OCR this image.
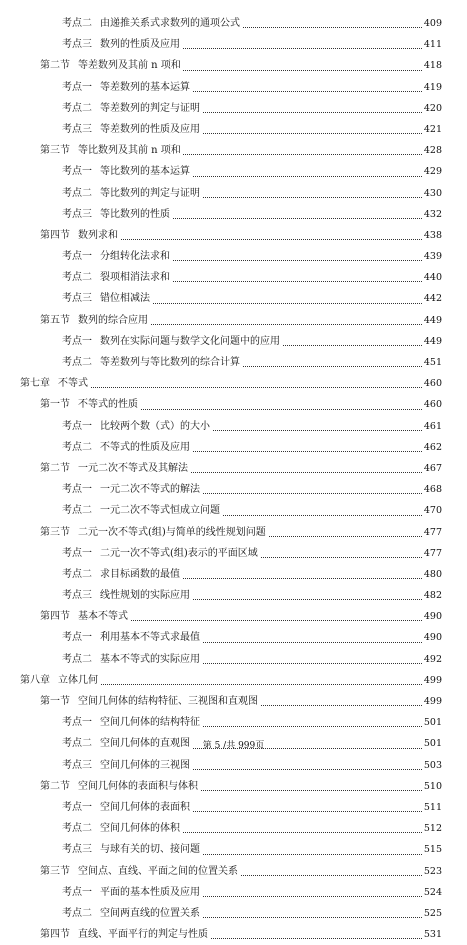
考点二 由递推关系式求数列的通项公式	409
考点三 数列的性质及应用	411
第二节 等差数列及其前 n 项和	418
考点一 等差数列的基本运算	419
考点二 等差数列的判定与证明	420
考点三 等差数列的性质及应用	421
第三节 等比数列及其前 n 项和	428
考点一 等比数列的基本运算	429
考点二 等比数列的判定与证明	430
考点三 等比数列的性质	432
第四节 数列求和	438
考点一 分组转化法求和	439
考点二 裂项相消法求和	440
考点三 错位相减法	442
第五节 数列的综合应用	449
考点一 数列在实际问题与数学文化问题中的应用	449
考点二 等差数列与等比数列的综合计算	451
第七章 不等式	460
第一节 不等式的性质	460
考点一 比较两个数（式）的大小	461
考点二 不等式的性质及应用	462
第二节 一元二次不等式及其解法	467
考点一 一元二次不等式的解法	468
考点二 一元二次不等式恒成立问题	470
第三节 二元一次不等式(组)与简单的线性规划问题	477
考点一 二元一次不等式(组)表示的平面区域	477
考点二 求目标函数的最值	480
考点三 线性规划的实际应用	482
第四节 基本不等式	490
考点一 利用基本不等式求最值	490
考点二 基本不等式的实际应用	492
第八章 立体几何	499
第一节 空间几何体的结构特征、三视图和直观图	499
考点一 空间几何体的结构特征	501
考点二 空间几何体的直观图	501
考点三 空间几何体的三视图	503
第二节 空间几何体的表面积与体积	510
考点一 空间几何体的表面积	511
考点二 空间几何体的体积	512
考点三 与球有关的切、接问题	515
第三节 空间点、直线、平面之间的位置关系	523
考点一 平面的基本性质及应用	524
考点二 空间两直线的位置关系	525
第四节 直线、平面平行的判定与性质	531
第 5 /共 999页
